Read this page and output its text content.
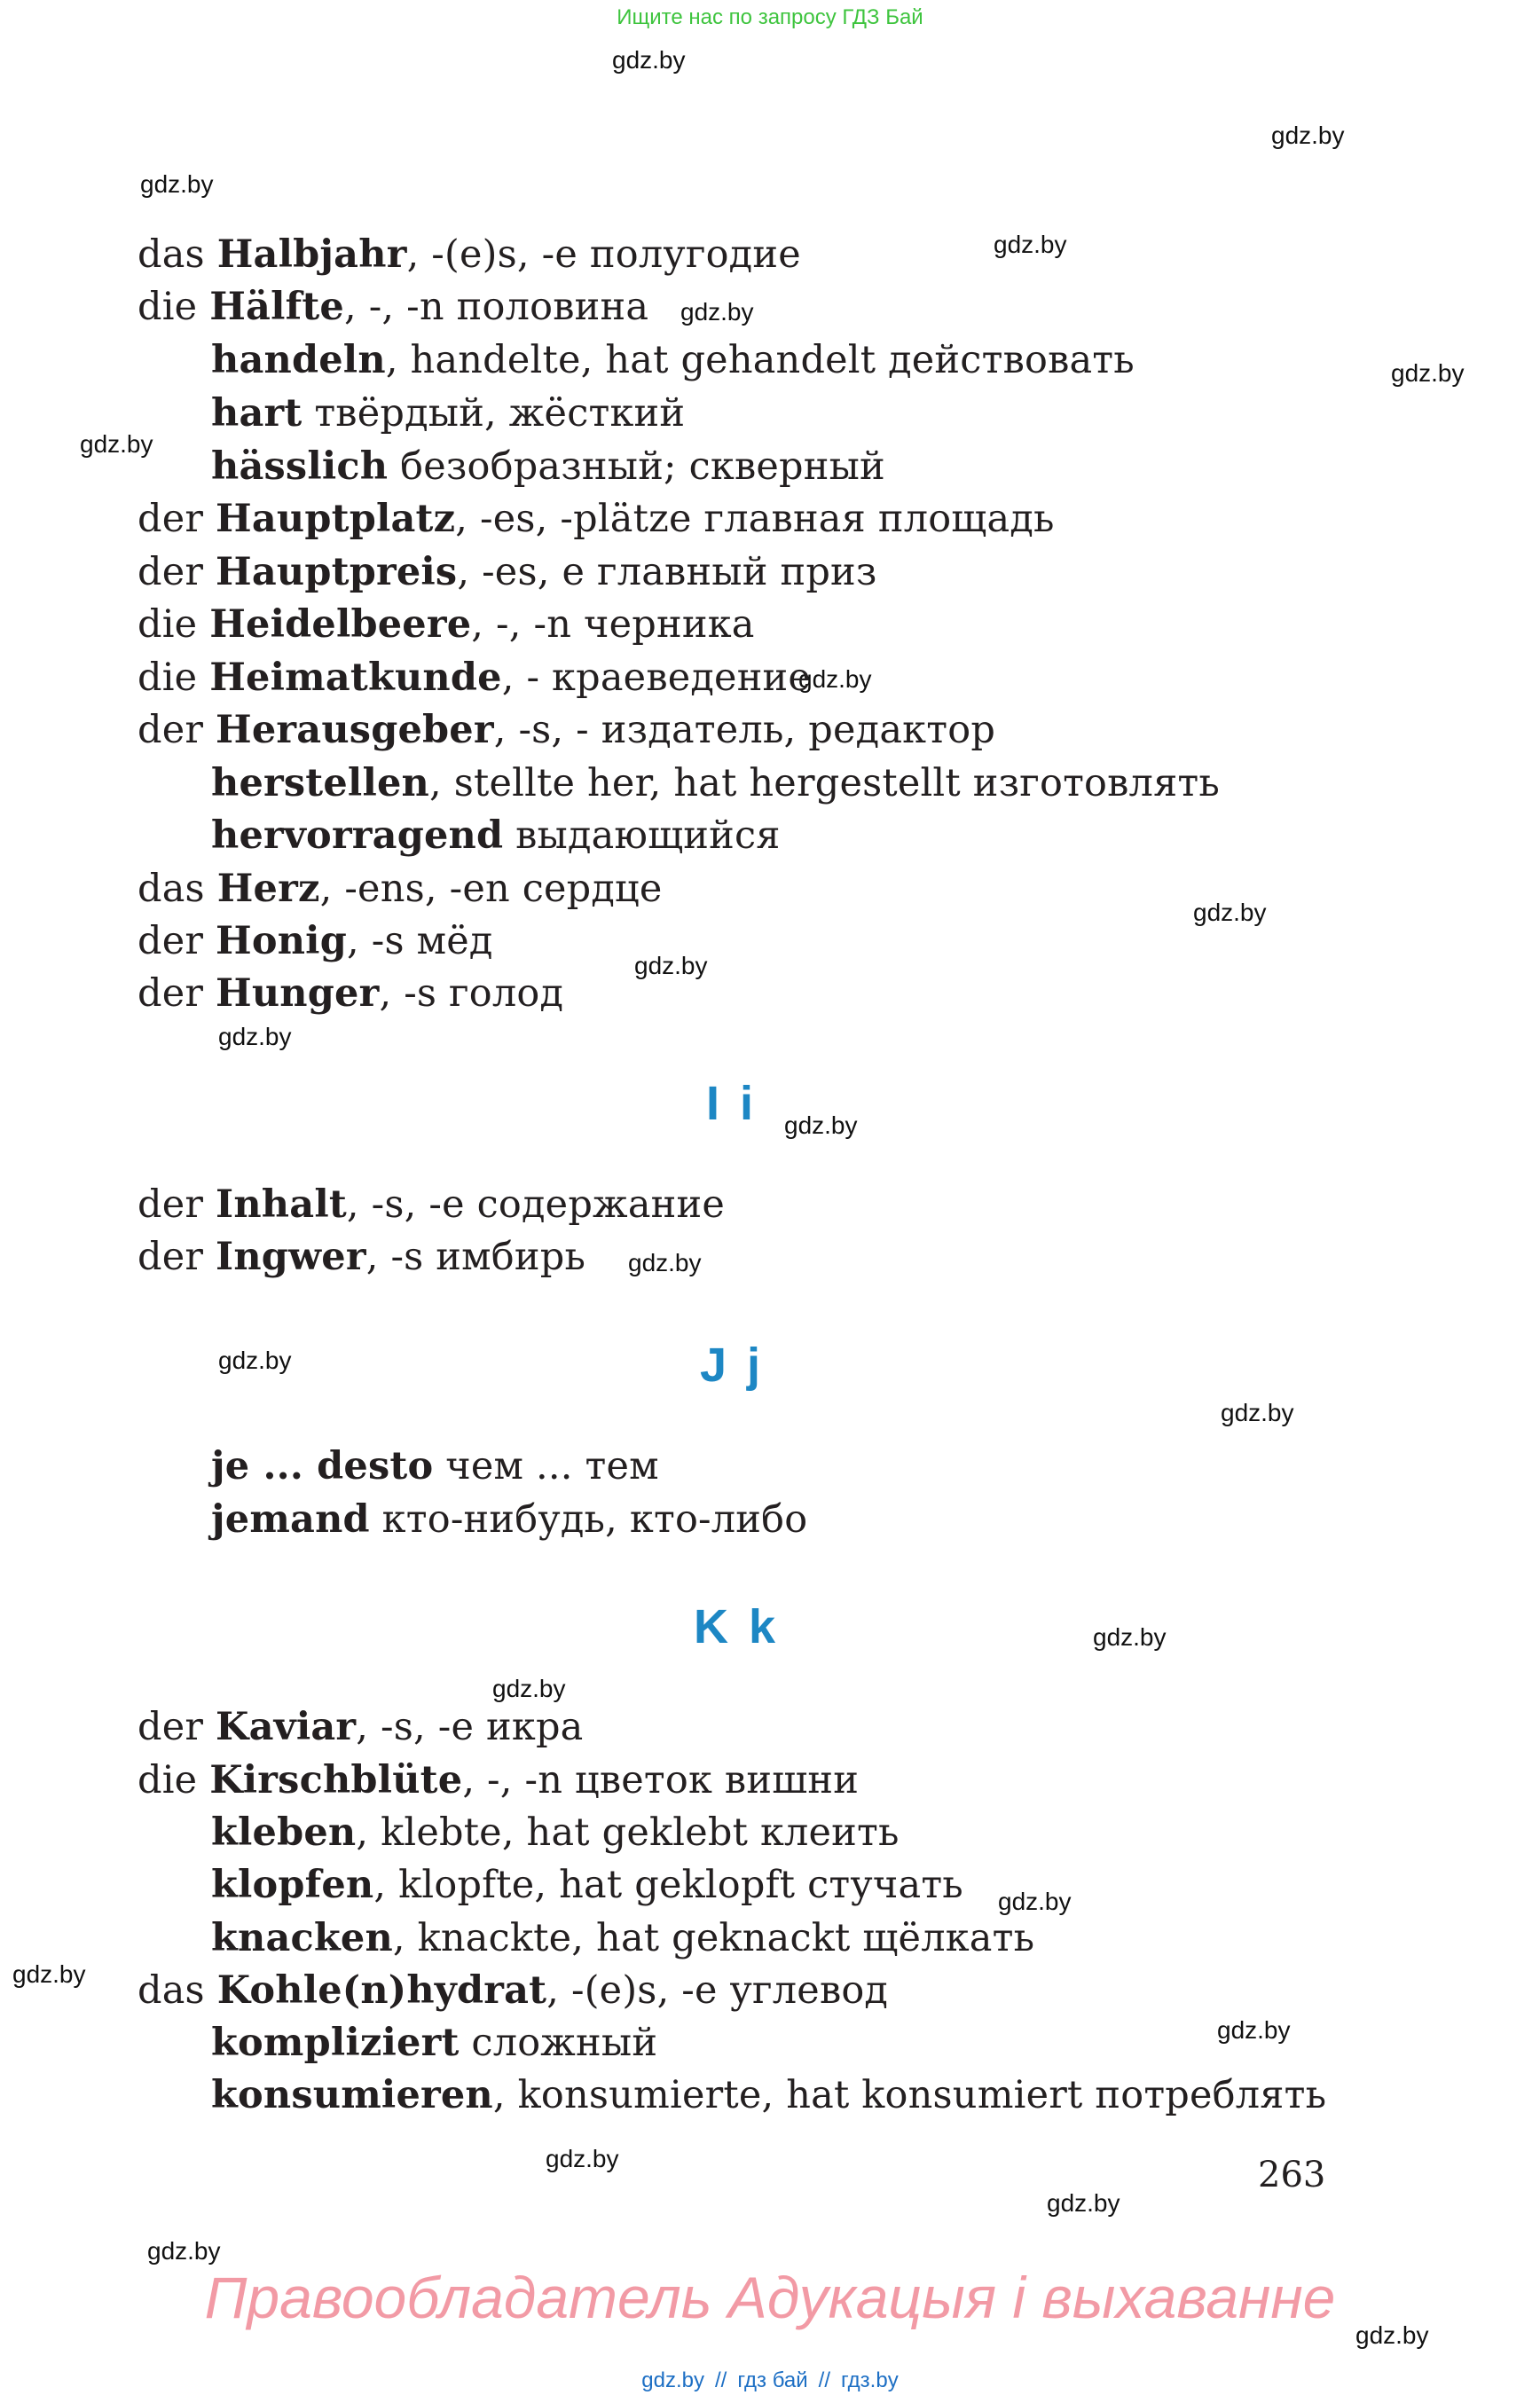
Ищите нас по запросу ГДЗ Бай
gdz.by
gdz.by
gdz.by
gdz.by
gdz.by
gdz.by
gdz.by
gdz.by
gdz.by
gdz.by
gdz.by
gdz.by
gdz.by
gdz.by
gdz.by
gdz.by
gdz.by
gdz.by
gdz.by
gdz.by
gdz.by
gdz.by
gdz.by
gdz.by
das Halbjahr, -(e)s, -e полугодие
die Hälfte, -, -n половина
handeln, handelte, hat gehandelt действовать
hart твёрдый, жёсткий
hässlich безобразный; скверный
der Hauptplatz, -es, -plätze главная площадь
der Hauptpreis, -es, e главный приз
die Heidelbeere, -, -n черника
die Heimatkunde, - краеведение
der Herausgeber, -s, - издатель, редактор
herstellen, stellte her, hat hergestellt изготовлять
hervorragend выдающийся
das Herz, -ens, -en сердце
der Honig, -s мёд
der Hunger, -s голод
I i
der Inhalt, -s, -e содержание
der Ingwer, -s имбирь
J j
je ... desto чем ... тем
jemand кто-нибудь, кто-либо
K k
der Kaviar, -s, -e икра
die Kirschblüte, -, -n цветок вишни
kleben, klebte, hat geklebt клеить
klopfen, klopfte, hat geklopft стучать
knacken, knackte, hat geknackt щёлкать
das Kohle(n)hydrat, -(e)s, -e углевод
kompliziert сложный
konsumieren, konsumierte, hat konsumiert потреблять
263
Правообладатель Адукацыя і выхаванне
gdz.by // гдз бай // гдз.by
